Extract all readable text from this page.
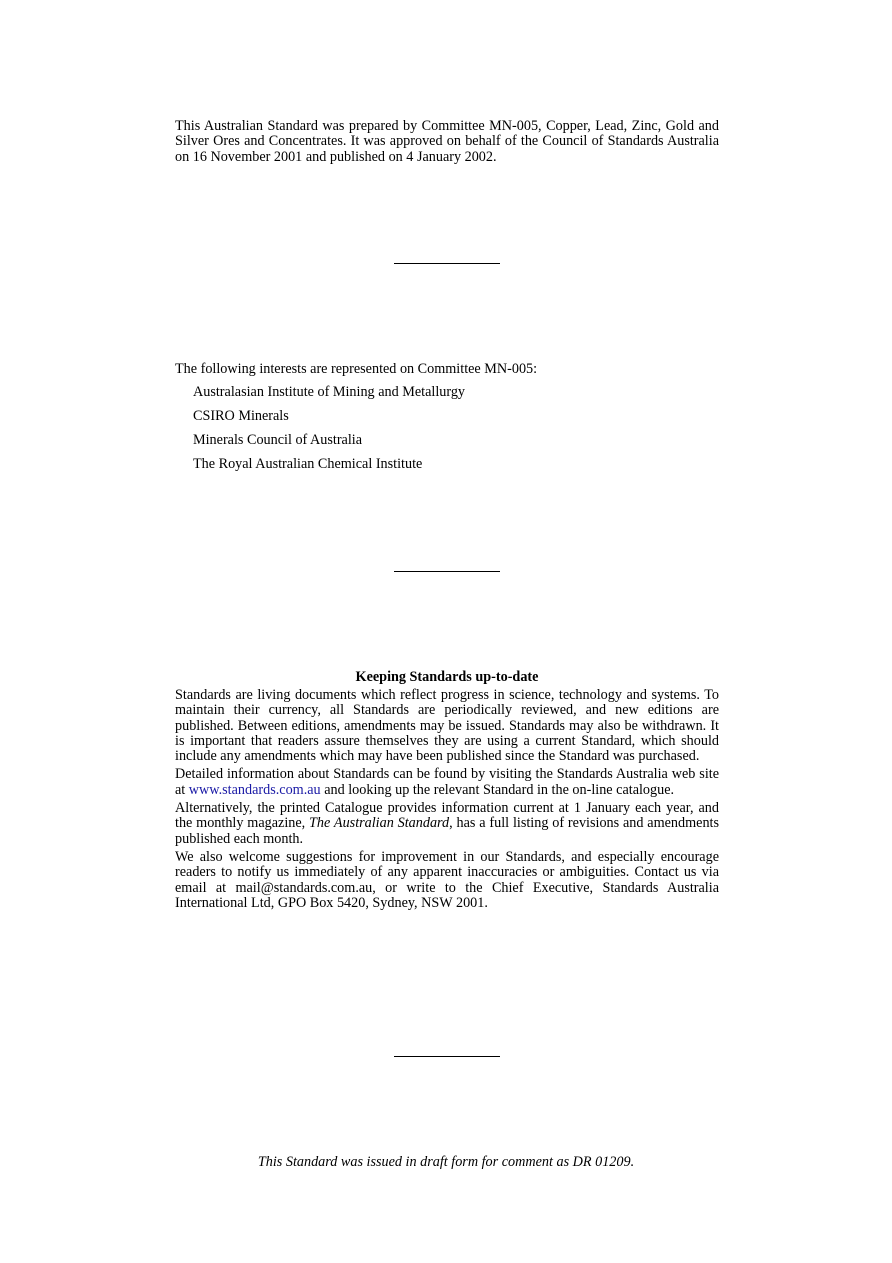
This Australian Standard was prepared by Committee MN-005, Copper, Lead, Zinc, Gold and Silver Ores and Concentrates. It was approved on behalf of the Council of Standards Australia on 16 November 2001 and published on 4 January 2002.
The following interests are represented on Committee MN-005:
Australasian Institute of Mining and Metallurgy
CSIRO Minerals
Minerals Council of Australia
The Royal Australian Chemical Institute
Keeping Standards up-to-date

Standards are living documents which reflect progress in science, technology and systems. To maintain their currency, all Standards are periodically reviewed, and new editions are published. Between editions, amendments may be issued. Standards may also be withdrawn. It is important that readers assure themselves they are using a current Standard, which should include any amendments which may have been published since the Standard was purchased.

Detailed information about Standards can be found by visiting the Standards Australia web site at www.standards.com.au and looking up the relevant Standard in the on-line catalogue.

Alternatively, the printed Catalogue provides information current at 1 January each year, and the monthly magazine, The Australian Standard, has a full listing of revisions and amendments published each month.

We also welcome suggestions for improvement in our Standards, and especially encourage readers to notify us immediately of any apparent inaccuracies or ambiguities. Contact us via email at mail@standards.com.au, or write to the Chief Executive, Standards Australia International Ltd, GPO Box 5420, Sydney, NSW 2001.

This Standard was issued in draft form for comment as DR 01209.
